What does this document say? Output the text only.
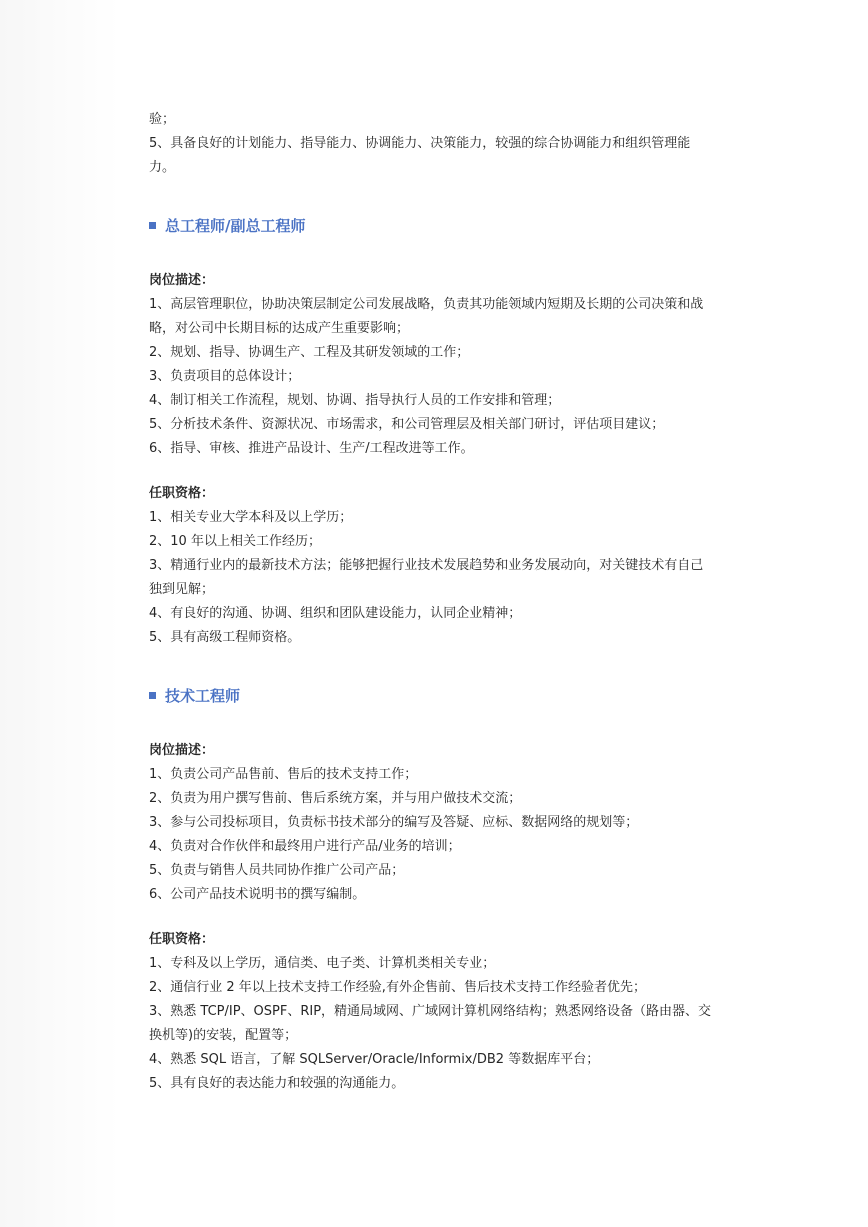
验；

5、具备良好的计划能力、指导能力、协调能力、决策能力，较强的综合协调能力和组织管理能

力。

总工程师/副总工程师
岗位描述：

1、高层管理职位，协助决策层制定公司发展战略，负责其功能领域内短期及长期的公司决策和战

略，对公司中长期目标的达成产生重要影响；

2、规划、指导、协调生产、工程及其研发领域的工作；

3、负责项目的总体设计；

4、制订相关工作流程，规划、协调、指导执行人员的工作安排和管理；

5、分析技术条件、资源状况、市场需求，和公司管理层及相关部门研讨，评估项目建议；

6、指导、审核、推进产品设计、生产/工程改进等工作。

任职资格：

1、相关专业大学本科及以上学历；

2、10 年以上相关工作经历；

3、精通行业内的最新技术方法；能够把握行业技术发展趋势和业务发展动向，对关键技术有自己

独到见解；

4、有良好的沟通、协调、组织和团队建设能力，认同企业精神；

5、具有高级工程师资格。

技术工程师
岗位描述：

1、负责公司产品售前、售后的技术支持工作；

2、负责为用户撰写售前、售后系统方案，并与用户做技术交流；

3、参与公司投标项目，负责标书技术部分的编写及答疑、应标、数据网络的规划等；

4、负责对合作伙伴和最终用户进行产品/业务的培训；

5、负责与销售人员共同协作推广公司产品；

6、公司产品技术说明书的撰写编制。

任职资格：

1、专科及以上学历，通信类、电子类、计算机类相关专业；

2、通信行业 2 年以上技术支持工作经验,有外企售前、售后技术支持工作经验者优先；

3、熟悉 TCP/IP、OSPF、RIP，精通局域网、广域网计算机网络结构；熟悉网络设备（路由器、交

换机等)的安装，配置等；

4、熟悉 SQL 语言，了解 SQLServer/Oracle/Informix/DB2 等数据库平台；

5、具有良好的表达能力和较强的沟通能力。
